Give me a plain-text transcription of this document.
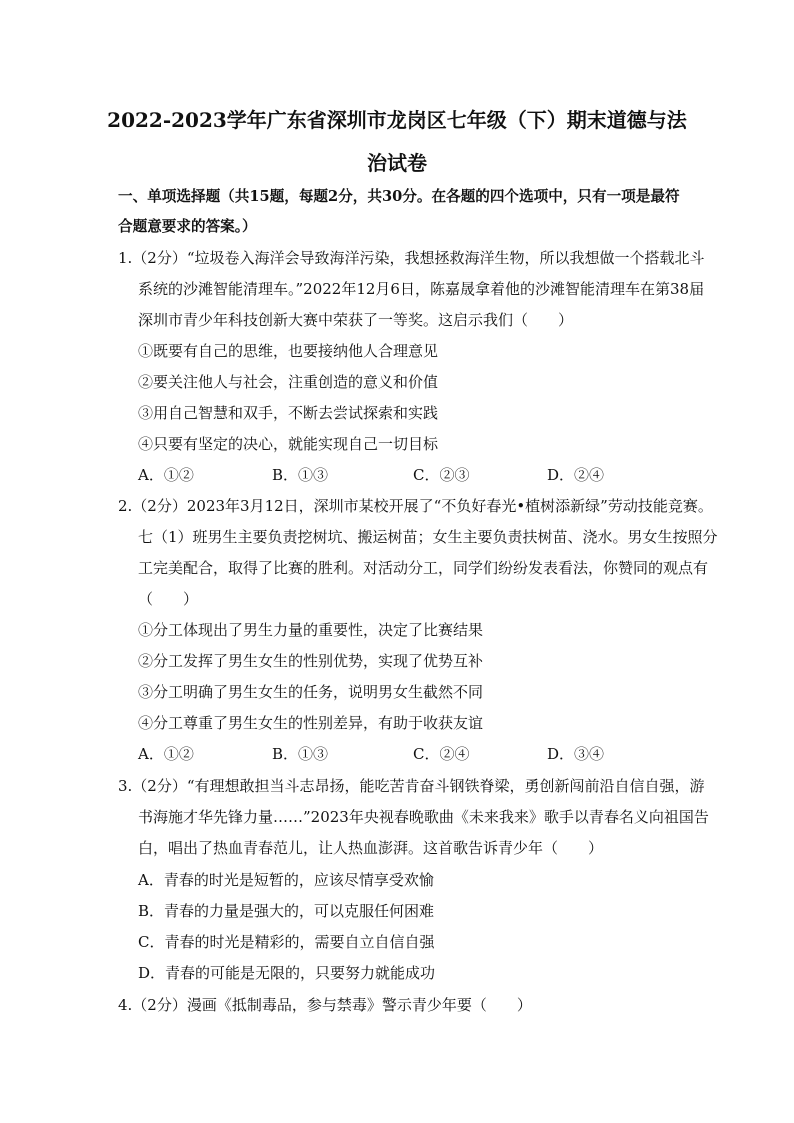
2022-2023学年广东省深圳市龙岗区七年级（下）期末道德与法
治试卷
一、单项选择题（共15题，每题2分，共30分。在各题的四个选项中，只有一项是最符
合题意要求的答案。）
1.（2分）“垃圾卷入海洋会导致海洋污染，我想拯救海洋生物，所以我想做一个搭载北斗
系统的沙滩智能清理车。”2022年12月6日，陈嘉晟拿着他的沙滩智能清理车在第38届
深圳市青少年科技创新大赛中荣获了一等奖。这启示我们（　　）
①既要有自己的思维，也要接纳他人合理意见
②要关注他人与社会，注重创造的意义和价值
③用自己智慧和双手，不断去尝试探索和实践
④只要有坚定的决心，就能实现自己一切目标
A．①②	B．①③	C．②③	D．②④
2.（2分）2023年3月12日，深圳市某校开展了“不负好春光•植树添新绿”劳动技能竞赛。
七（1）班男生主要负责挖树坑、搬运树苗；女生主要负责扶树苗、浇水。男女生按照分
工完美配合，取得了比赛的胜利。对活动分工，同学们纷纷发表看法，你赞同的观点有
（　　）
①分工体现出了男生力量的重要性，决定了比赛结果
②分工发挥了男生女生的性别优势，实现了优势互补
③分工明确了男生女生的任务，说明男女生截然不同
④分工尊重了男生女生的性别差异，有助于收获友谊
A．①②	B．①③	C．②④	D．③④
3.（2分）“有理想敢担当斗志昂扬，能吃苦肯奋斗钢铁脊梁，勇创新闯前沿自信自强，游
书海施才华先锋力量……”2023年央视春晚歌曲《未来我来》歌手以青春名义向祖国告
白，唱出了热血青春范儿，让人热血澎湃。这首歌告诉青少年（　　）
A．青春的时光是短暂的，应该尽情享受欢愉
B．青春的力量是强大的，可以克服任何困难
C．青春的时光是精彩的，需要自立自信自强
D．青春的可能是无限的，只要努力就能成功
4.（2分）漫画《抵制毒品，参与禁毒》警示青少年要（　　）
